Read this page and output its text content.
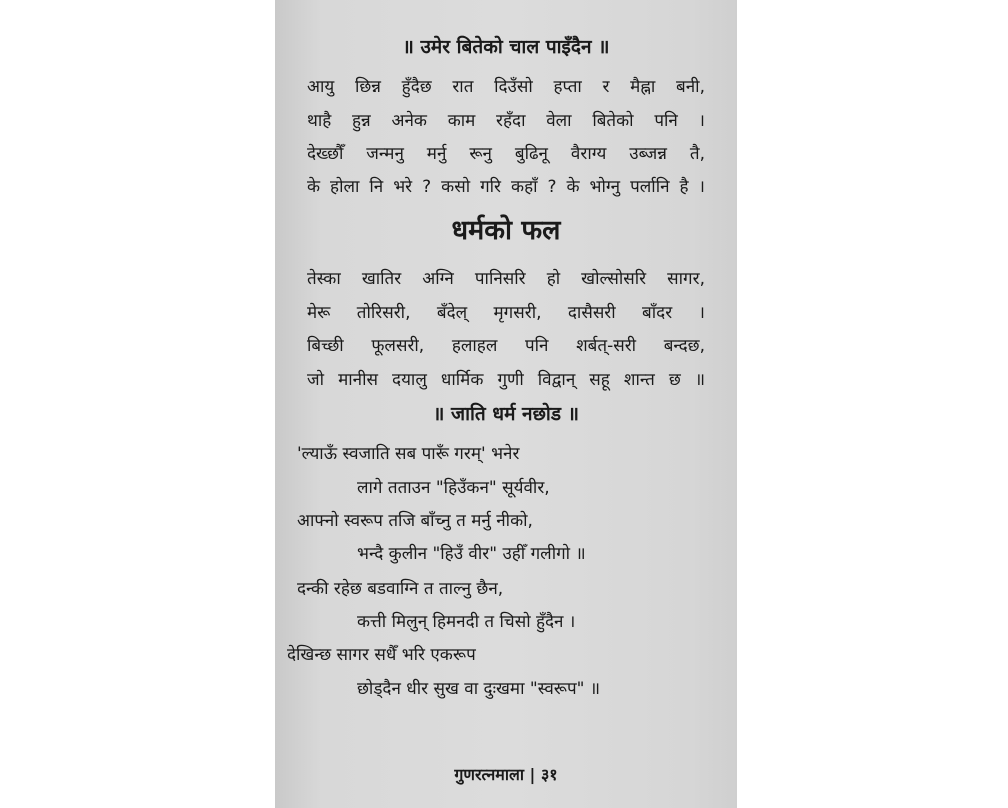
॥ उमेर बितेको चाल पाइँदैन ॥
आयु छिन्न हुँदैछ रात दिउँसो हप्ता र मैह्ना बनी,
थाहै हुन्न अनेक काम रहँदा वेला बितेको पनि ।
देख्छौँ जन्मनु मर्नु रूनु बुढिनू वैराग्य उब्जन्न तै,
के होला नि भरे ? कसो गरि कहाँ ? के भोग्नु पर्लानि है ।
धर्मको फल
तेस्का खातिर अग्नि पानिसरि हो खोल्सोसरि सागर,
मेरू तोरिसरी, बँदेल् मृगसरी, दासैसरी बाँदर ।
बिच्छी फूलसरी, हलाहल पनि शर्बत्-सरी बन्दछ,
जो मानीस दयालु धार्मिक गुणी विद्वान् सहू शान्त छ ॥
॥ जाति धर्म नछोड ॥
'ल्याऊँ स्वजाति सब पारूँ गरम्' भनेर
लागे तताउन "हिउँकन" सूर्यवीर,
आफ्नो स्वरूप तजि बाँच्नु त मर्नु नीको,
भन्दै कुलीन "हिउँ वीर" उहीँ गलीगो ॥
दन्की रहेछ बडवाग्नि त ताल्नु छैन,
कत्ती मिलुन् हिमनदी त चिसो हुँदैन ।
देखिन्छ सागर सधैँ भरि एकरूप
छोड्दैन धीर सुख वा दुःखमा "स्वरूप" ॥
गुणरत्नमाला | ३१
